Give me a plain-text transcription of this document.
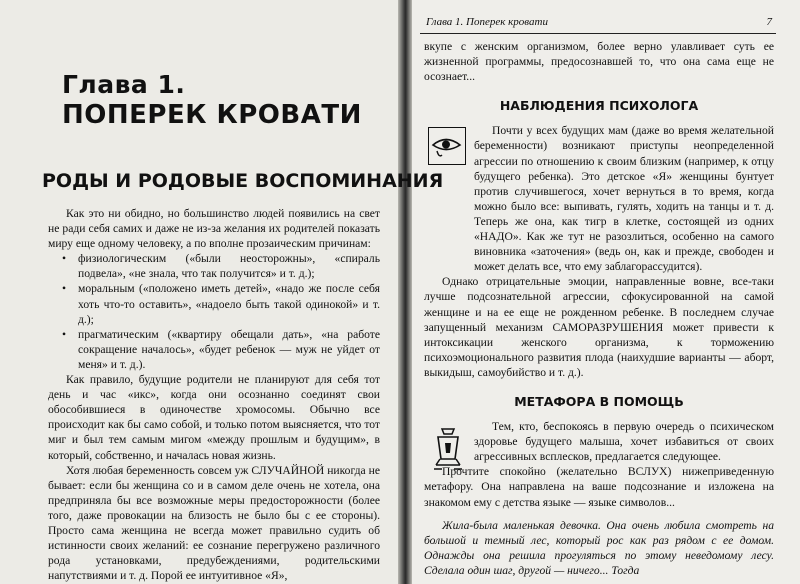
Глава 1.
ПОПЕРЕК КРОВАТИ
РОДЫ И РОДОВЫЕ ВОСПОМИНАНИЯ

Как это ни обидно, но большинство людей появились на свет не ради себя самих и даже не из-за желания их родителей показать миру еще одному человеку, а по вполне прозаическим причинам:

• физиологическим («были неосторожны», «спираль подвела», «не знала, что так получится» и т. д.);
• моральным («положено иметь детей», «надо же после себя хоть что-то оставить», «надоело быть такой одинокой» и т. д.);
• прагматическим («квартиру обещали дать», «на работе сокращение началось», «будет ребенок — муж не уйдет от меня» и т. д.).

Как правило, будущие родители не планируют для себя тот день и час «икс», когда они осознанно соединят свои обособившиеся в одиночестве хромосомы. Обычно все происходит как бы само собой, и только потом выясняется, что тот миг и был тем самым мигом «между прошлым и будущим», в который, собственно, и началась новая жизнь.

Хотя любая беременность совсем уж СЛУЧАЙНОЙ никогда не бывает: если бы женщина со и в самом деле очень не хотела, она предприняла бы все возможные меры предосторожности (более того, даже провокации на близость не было бы с ее стороны). Просто сама женщина не всегда может правильно судить об истинности своих желаний: ее сознание перегружено различного рода установками, предубеждениями, родительскими напутствиями и т. д. Порой ее интуитивное «Я»,

Глава 1. Поперек кровати	7

вкупе с женским организмом, более верно улавливает суть ее жизненной программы, предосознавшей то, что она сама еще не осознает...

НАБЛЮДЕНИЯ ПСИХОЛОГА

Почти у всех будущих мам (даже во время желательной беременности) возникают приступы неопределенной агрессии по отношению к своим близким (например, к отцу будущего ребенка). Это детское «Я» женщины бунтует против случившегося, хочет вернуться в то время, когда можно было все: выпивать, гулять, ходить на танцы и т. д. Теперь же она, как тигр в клетке, состоящей из одних «НАДО». Как же тут не разозлиться, особенно на самого виновника «заточения» (ведь он, как и прежде, свободен и может делать все, что ему заблагорассудится).

Однако отрицательные эмоции, направленные вовне, все-таки лучше подсознательной агрессии, сфокусированной на самой женщине и на ее еще не рожденном ребенке. В последнем случае запущенный механизм САМОРАЗРУШЕНИЯ может привести к интоксикации женского организма, к торможению психоэмоционального развития плода (наихудшие варианты — аборт, выкидыш, самоубийство и т. д.).

МЕТАФОРА В ПОМОЩЬ

Тем, кто, беспокоясь в первую очередь о психическом здоровье будущего малыша, хочет избавиться от своих агрессивных всплесков, предлагается следующее.

Прочтите спокойно (желательно ВСЛУХ) нижеприведенную метафору. Она направлена на ваше подсознание и изложена на знакомом ему с детства языке — языке символов...

Жила-была маленькая девочка. Она очень любила смотреть на большой и темный лес, который рос как раз рядом с ее домом. Однажды она решила прогуляться по этому неведомому лесу. Сделала один шаг, другой — ничего... Тогда
